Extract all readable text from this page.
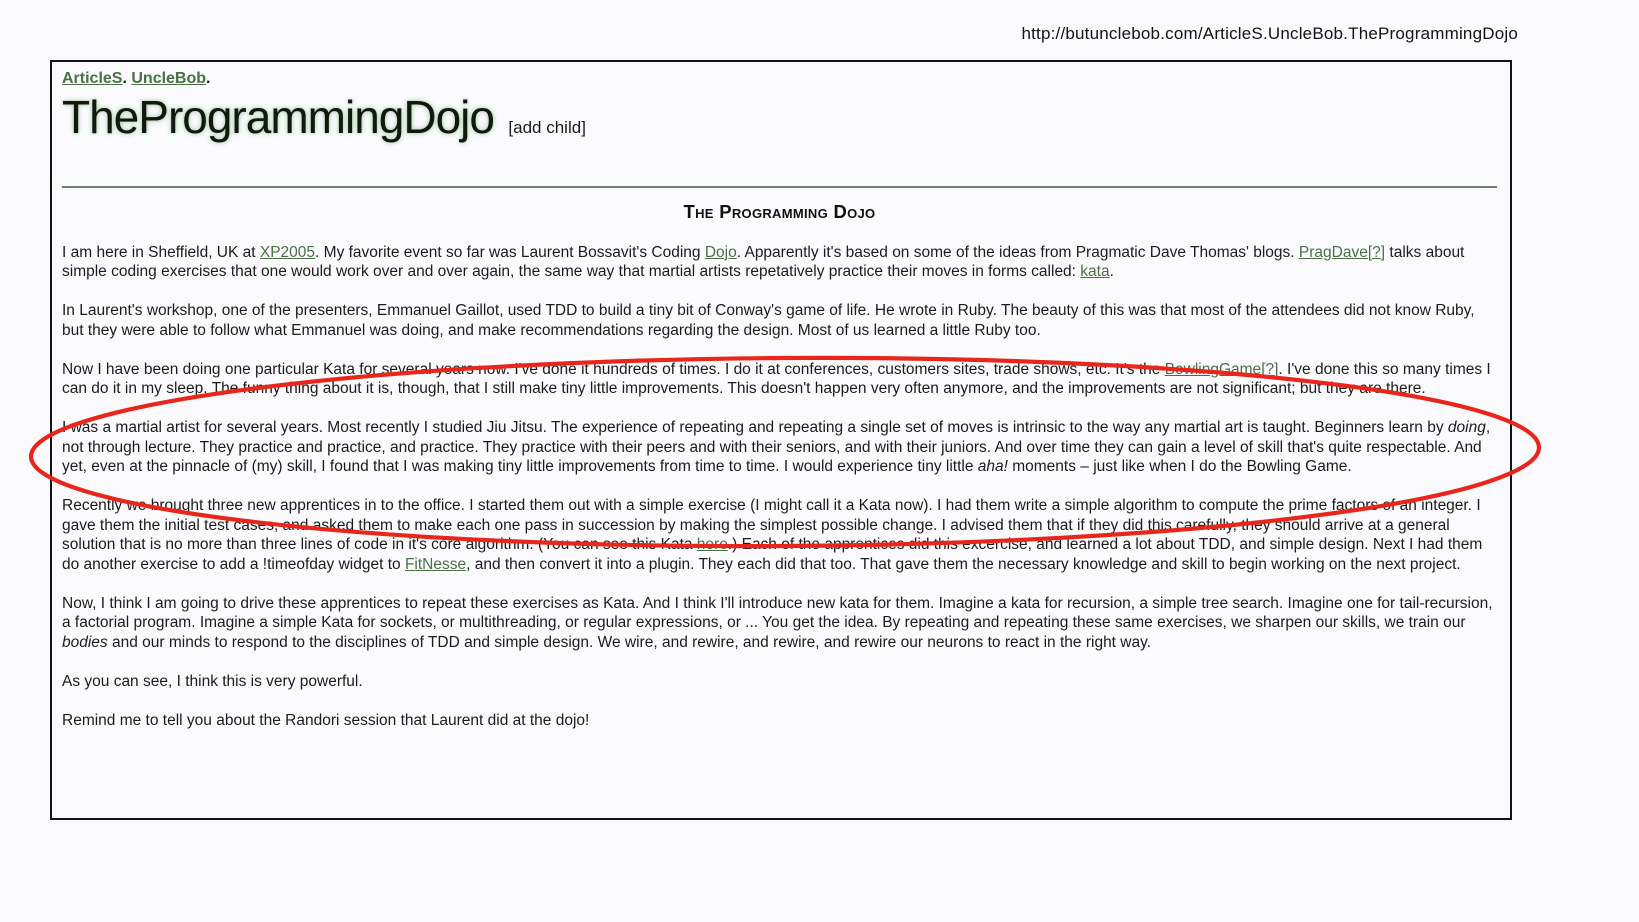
http://butunclebob.com/ArticleS.UncleBob.TheProgrammingDojo
ArticleS. UncleBob.
TheProgrammingDojo [add child]
The Programming Dojo

I am here in Sheffield, UK at XP2005. My favorite event so far was Laurent Bossavit's Coding Dojo. Apparently it's based on some of the ideas from Pragmatic Dave Thomas' blogs. PragDave[?] talks about simple coding exercises that one would work over and over again, the same way that martial artists repetatively practice their moves in forms called: kata.

In Laurent's workshop, one of the presenters, Emmanuel Gaillot, used TDD to build a tiny bit of Conway's game of life. He wrote in Ruby. The beauty of this was that most of the attendees did not know Ruby, but they were able to follow what Emmanuel was doing, and make recommendations regarding the design. Most of us learned a little Ruby too.

Now I have been doing one particular Kata for several years now. I've done it hundreds of times. I do it at conferences, customers sites, trade shows, etc. It's the BowlingGame[?]. I've done this so many times I can do it in my sleep. The funny thing about it is, though, that I still make tiny little improvements. This doesn't happen very often anymore, and the improvements are not significant; but they are there.

I was a martial artist for several years. Most recently I studied Jiu Jitsu. The experience of repeating and repeating a single set of moves is intrinsic to the way any martial art is taught. Beginners learn by doing, not through lecture. They practice and practice, and practice. They practice with their peers and with their seniors, and with their juniors. And over time they can gain a level of skill that's quite respectable. And yet, even at the pinnacle of (my) skill, I found that I was making tiny little improvements from time to time. I would experience tiny little aha! moments – just like when I do the Bowling Game.

Recently we brought three new apprentices in to the office. I started them out with a simple exercise (I might call it a Kata now). I had them write a simple algorithm to compute the prime factors of an integer. I gave them the initial test cases, and asked them to make each one pass in succession by making the simplest possible change. I advised them that if they did this carefully, they should arrive at a general solution that is no more than three lines of code in it's core algorithm. (You can see this Kata here.) Each of the apprentices did this excercise, and learned a lot about TDD, and simple design. Next I had them do another exercise to add a !timeofday widget to FitNesse, and then convert it into a plugin. They each did that too. That gave them the necessary knowledge and skill to begin working on the next project.

Now, I think I am going to drive these apprentices to repeat these exercises as Kata. And I think I'll introduce new kata for them. Imagine a kata for recursion, a simple tree search. Imagine one for tail-recursion, a factorial program. Imagine a simple Kata for sockets, or multithreading, or regular expressions, or ... You get the idea. By repeating and repeating these same exercises, we sharpen our skills, we train our bodies and our minds to respond to the disciplines of TDD and simple design. We wire, and rewire, and rewire, and rewire our neurons to react in the right way.

As you can see, I think this is very powerful.

Remind me to tell you about the Randori session that Laurent did at the dojo!
